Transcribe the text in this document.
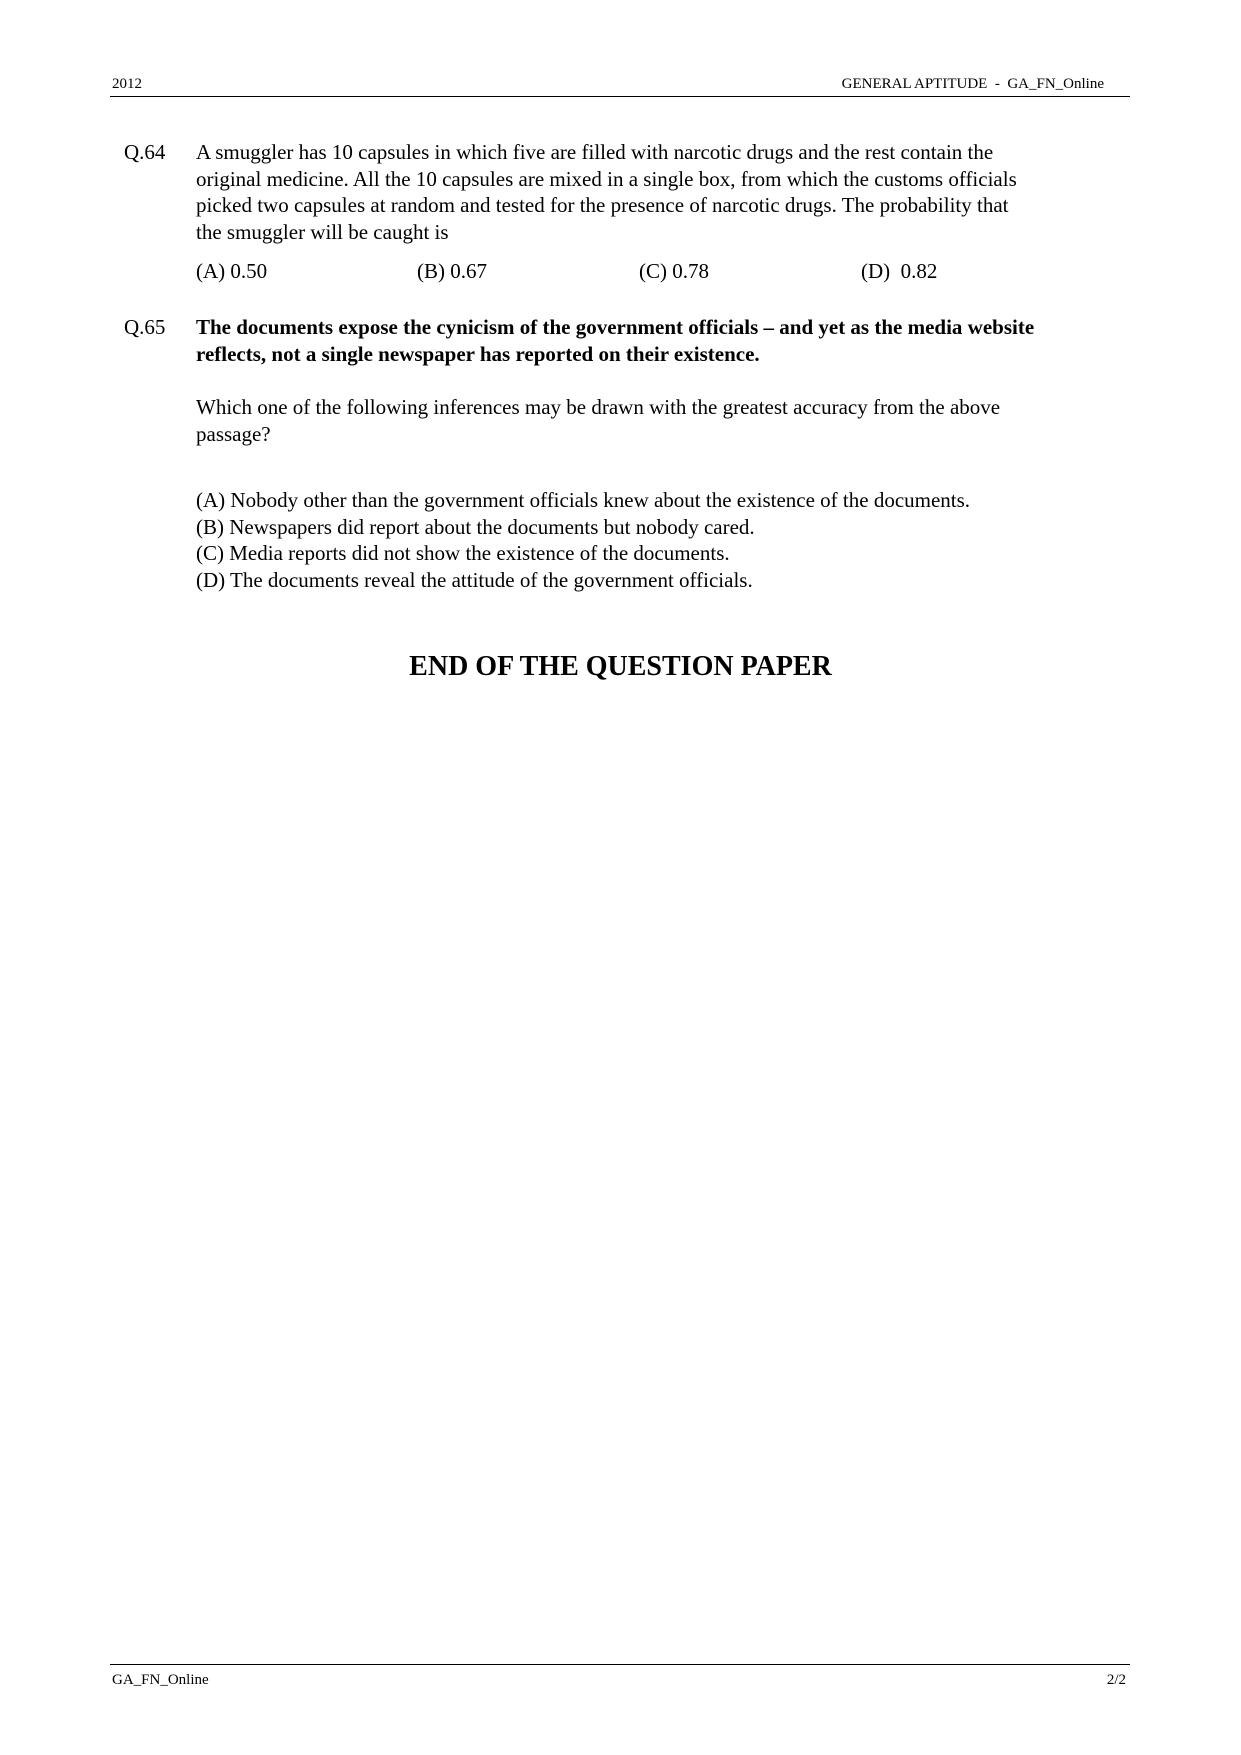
2012	GENERAL APTITUDE  -  GA_FN_Online
Q.64 A smuggler has 10 capsules in which five are filled with narcotic drugs and the rest contain the
original medicine. All the 10 capsules are mixed in a single box, from which the customs officials
picked two capsules at random and tested for the presence of narcotic drugs. The probability that
the smuggler will be caught is
(A) 0.50	(B) 0.67	(C) 0.78	(D)  0.82
Q.65 The documents expose the cynicism of the government officials – and yet as the media website
reflects, not a single newspaper has reported on their existence.
Which one of the following inferences may be drawn with the greatest accuracy from the above
passage?
(A) Nobody other than the government officials knew about the existence of the documents.
(B) Newspapers did report about the documents but nobody cared.
(C) Media reports did not show the existence of the documents.
(D) The documents reveal the attitude of the government officials.
END OF THE QUESTION PAPER
GA_FN_Online	2/2
